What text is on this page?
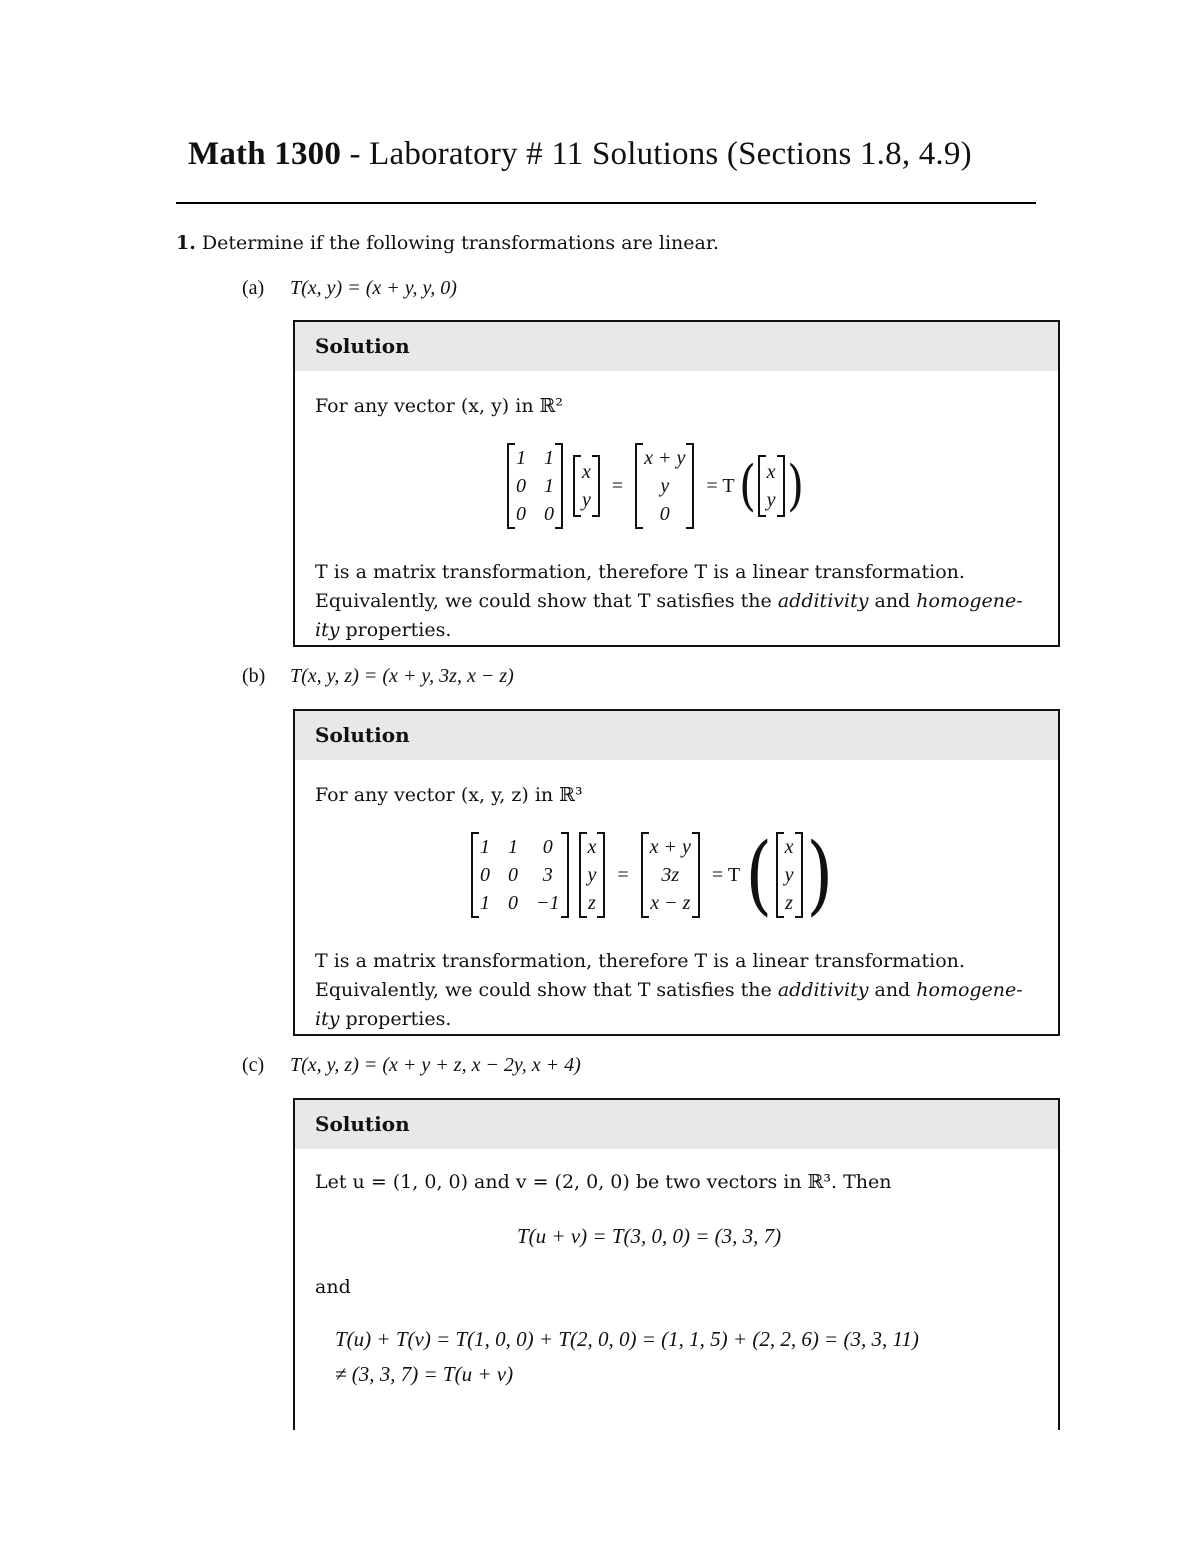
Math 1300 - Laboratory # 11 Solutions (Sections 1.8, 4.9)
1. Determine if the following transformations are linear.
(a) T(x, y) = (x + y, y, 0)
Solution
For any vector (x, y) in ℝ²
1 1
0 1
0 0
x
y
=
x + y
y
0
= T ( x
y )
T is a matrix transformation, therefore T is a linear transformation.
Equivalently, we could show that T satisfies the additivity and homogene- ity properties.
(b) T(x, y, z) = (x + y, 3z, x − z)
Solution
For any vector (x, y, z) in ℝ³
1 1	0
0 0	3
1 0 −1
x
y
z
=
x + y
3z
x − z
= T ( x
y
z )
T is a matrix transformation, therefore T is a linear transformation.
Equivalently, we could show that T satisfies the additivity and homogene- ity properties.
(c) T(x, y, z) = (x + y + z, x − 2y, x + 4)
Solution
Let u = (1, 0, 0) and v = (2, 0, 0) be two vectors in ℝ³. Then
T(u + v) = T(3, 0, 0) = (3, 3, 7)
and
T(u) + T(v) = T(1, 0, 0) + T(2, 0, 0) = (1, 1, 5) + (2, 2, 6) = (3, 3, 11)
≠ (3, 3, 7) = T(u + v)
